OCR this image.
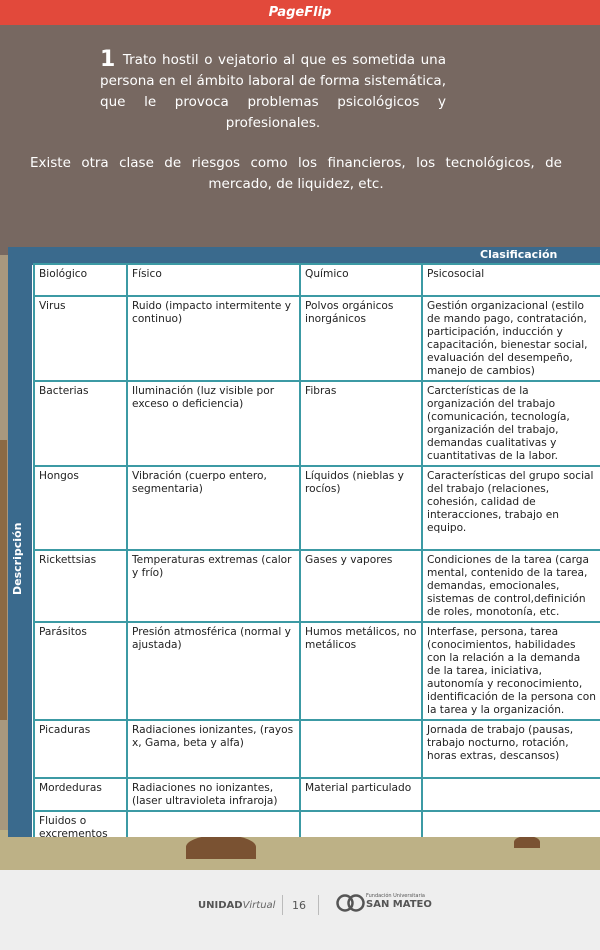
PageFlip
1 Trato hostil o vejatorio al que es sometida una persona en el ámbito laboral de forma sistemática, que le provoca problemas psicológicos y profesionales.
Existe otra clase de riesgos como los financieros, los tecnológicos, de mercado, de liquidez, etc.
Clasificación
Descripción
Biológico	Físico	Químico	Psicosocial
Virus	Ruido (impacto intermitente y continuo)	Polvos orgánicos inorgánicos	Gestión organizacional (estilo de mando pago, contratación, participación, inducción y capacitación, bienestar social, evaluación del desempeño, manejo de cambios)
Bacterias	Iluminación (luz visible por exceso o deficiencia)	Fibras	Carcterísticas de la organización del trabajo (comunicación, tecnología, organización del trabajo, demandas cualitativas y cuantitativas de la labor.
Hongos	Vibración (cuerpo entero, segmentaria)	Líquidos (nieblas y rocíos)	Características del grupo social del trabajo (relaciones, cohesión, calidad de interacciones, trabajo en equipo.
Rickettsias	Temperaturas extremas (calor y frío)	Gases y vapores	Condiciones de la tarea (carga mental, contenido de la tarea, demandas, emocionales, sistemas de control,definición de roles, monotonía, etc.
Parásitos	Presión atmosférica (normal y ajustada)	Humos metálicos, no metálicos	Interfase, persona, tarea (conocimientos, habilidades con la relación a la demanda de la tarea, iniciativa, autonomía y reconocimiento, identificación de la persona con la tarea y la organización.
Picaduras	Radiaciones ionizantes, (rayos x, Gama, beta y alfa)		Jornada de trabajo (pausas, trabajo nocturno, rotación, horas extras, descansos)
Mordeduras	Radiaciones no ionizantes, (laser ultravioleta infraroja)	Material particulado	
Fluidos o excrementos			
UNIDADVirtual 16
Fundación Universitaria
SAN MATEO
